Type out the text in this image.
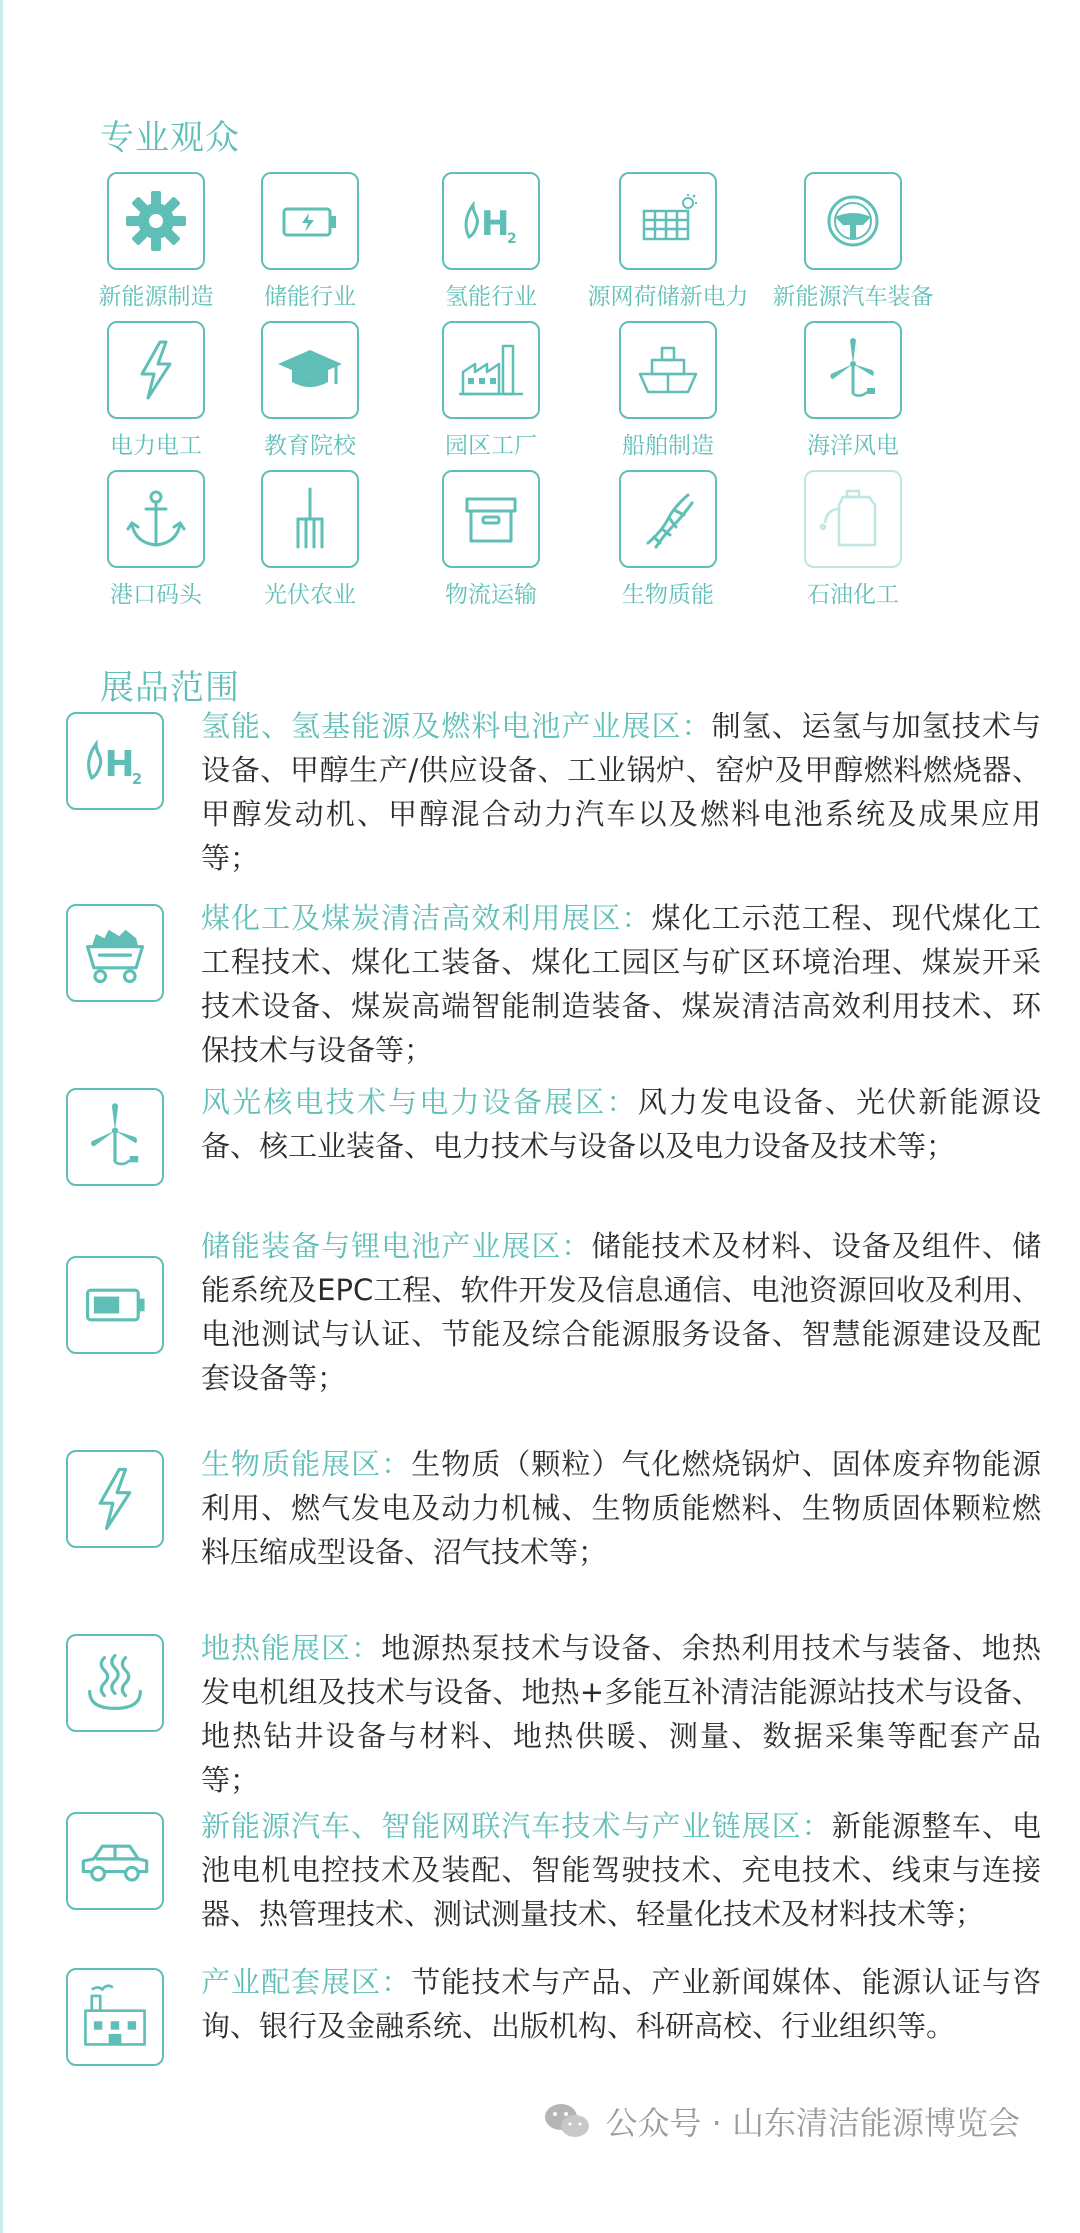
专业观众
新能源制造	储能行业
H
2
氢能行业	源网荷储新电力	新能源汽车装备
电力电工	教育院校	园区工厂	船舶制造	海洋风电
港口码头	光伏农业	物流运输	生物质能	石油化工
展品范围
H
2
氢能、氢基能源及燃料电池产业展区：制氢、运氢与加氢技术与设备、甲醇生产/供应设备、工业锅炉、窑炉及甲醇燃料燃烧器、甲醇发动机、甲醇混合动力汽车以及燃料电池系统及成果应用等；
煤化工及煤炭清洁高效利用展区：煤化工示范工程、现代煤化工工程技术、煤化工装备、煤化工园区与矿区环境治理、煤炭开采技术设备、煤炭高端智能制造装备、煤炭清洁高效利用技术、环保技术与设备等；
风光核电技术与电力设备展区：风力发电设备、光伏新能源设备、核工业装备、电力技术与设备以及电力设备及技术等；
储能装备与锂电池产业展区：储能技术及材料、设备及组件、储能系统及EPC工程、软件开发及信息通信、电池资源回收及利用、电池测试与认证、节能及综合能源服务设备、智慧能源建设及配套设备等；
生物质能展区：生物质（颗粒）气化燃烧锅炉、固体废弃物能源利用、燃气发电及动力机械、生物质能燃料、生物质固体颗粒燃料压缩成型设备、沼气技术等；
地热能展区：地源热泵技术与设备、余热利用技术与装备、地热发电机组及技术与设备、地热+多能互补清洁能源站技术与设备、地热钻井设备与材料、地热供暖、测量、数据采集等配套产品等；
新能源汽车、智能网联汽车技术与产业链展区：新能源整车、电池电机电控技术及装配、智能驾驶技术、充电技术、线束与连接器、热管理技术、测试测量技术、轻量化技术及材料技术等；
产业配套展区：节能技术与产品、产业新闻媒体、能源认证与咨询、银行及金融系统、出版机构、科研高校、行业组织等。
公众号 · 山东清洁能源博览会
